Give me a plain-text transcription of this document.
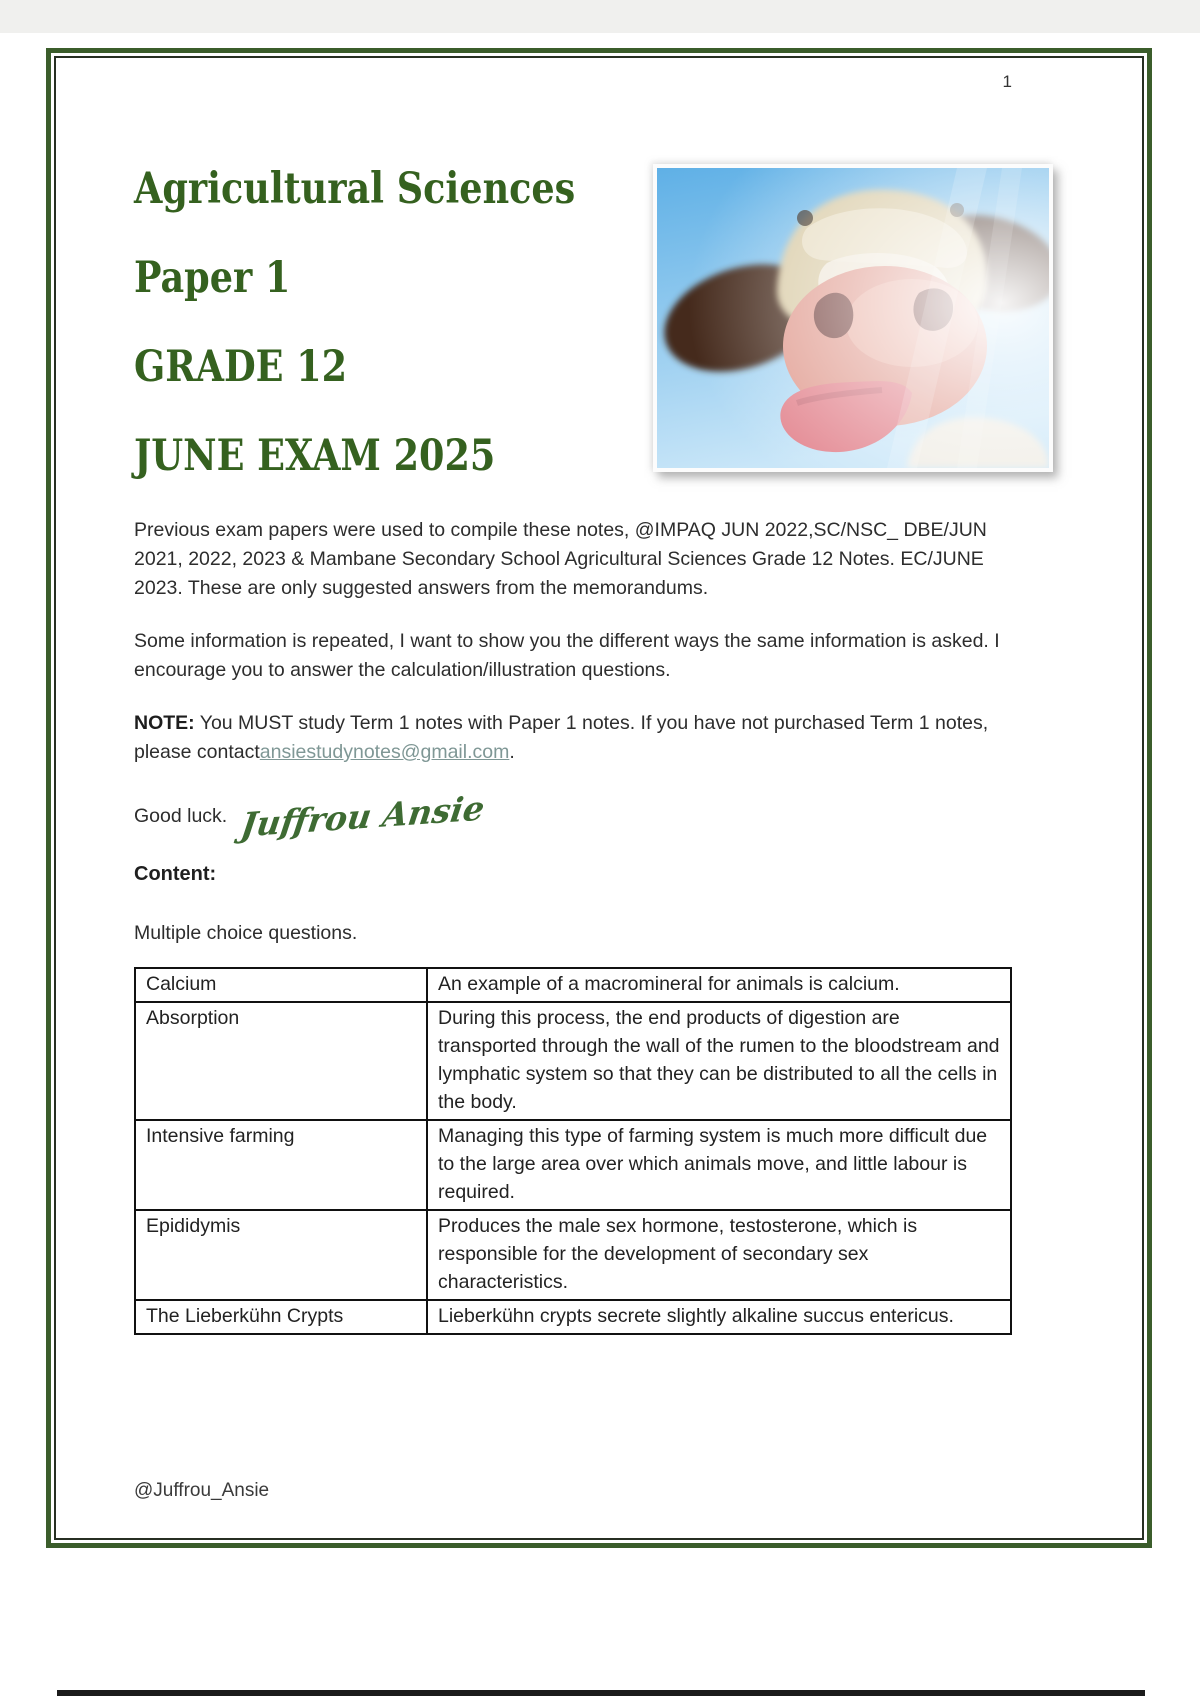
1
Agricultural Sciences
Paper 1
GRADE 12
JUNE EXAM 2025

Previous exam papers were used to compile these notes, @IMPAQ JUN 2022,SC/NSC_ DBE/JUN 2021, 2022, 2023 & Mambane Secondary School Agricultural Sciences Grade 12 Notes. EC/JUNE 2023. These are only suggested answers from the memorandums.

Some information is repeated, I want to show you the different ways the same information is asked. I encourage you to answer the calculation/illustration questions.

NOTE: You MUST study Term 1 notes with Paper 1 notes. If you have not purchased Term 1 notes, please contactansiestudynotes@gmail.com.

Good luck. Juffrou Ansie
Content:
Multiple choice questions.
Calcium	An example of a macromineral for animals is calcium.
Absorption	During this process, the end products of digestion are transported through the wall of the rumen to the bloodstream and lymphatic system so that they can be distributed to all the cells in the body.
Intensive farming	Managing this type of farming system is much more difficult due to the large area over which animals move, and little labour is required.
Epididymis	Produces the male sex hormone, testosterone, which is responsible for the development of secondary sex characteristics.
The Lieberkühn Crypts	Lieberkühn crypts secrete slightly alkaline succus entericus.
@Juffrou_Ansie
